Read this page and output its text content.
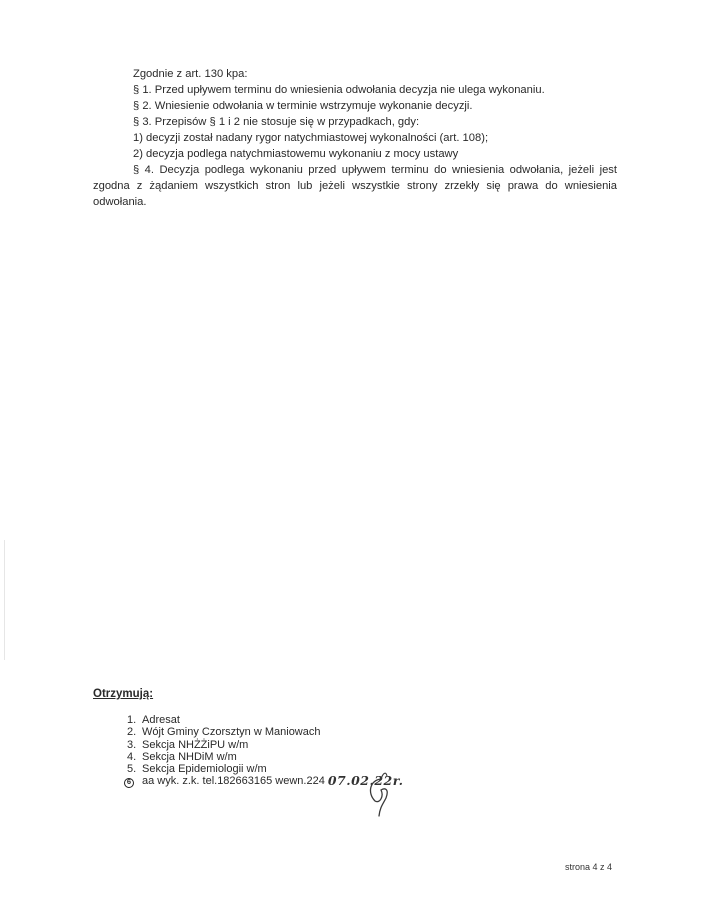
Zgodnie z art. 130 kpa:
§ 1. Przed upływem terminu do wniesienia odwołania decyzja nie ulega wykonaniu.
§ 2. Wniesienie odwołania w terminie wstrzymuje wykonanie decyzji.
§ 3. Przepisów § 1 i 2 nie stosuje się w przypadkach, gdy:
1) decyzji został nadany rygor natychmiastowej wykonalności (art. 108);
2) decyzja podlega natychmiastowemu wykonaniu z mocy ustawy
§ 4. Decyzja podlega wykonaniu przed upływem terminu do wniesienia odwołania, jeżeli jest zgodna z żądaniem wszystkich stron lub jeżeli wszystkie strony zrzekły się prawa do wniesienia odwołania.
Otrzymują:
1. Adresat
2. Wójt Gminy Czorsztyn w Maniowach
3. Sekcja NHŻŻiPU w/m
4. Sekcja NHDiM w/m
5. Sekcja Epidemiologii w/m
6 aa wyk. z.k. tel.182663165 wewn.224 07.02.22r.
strona 4 z 4
